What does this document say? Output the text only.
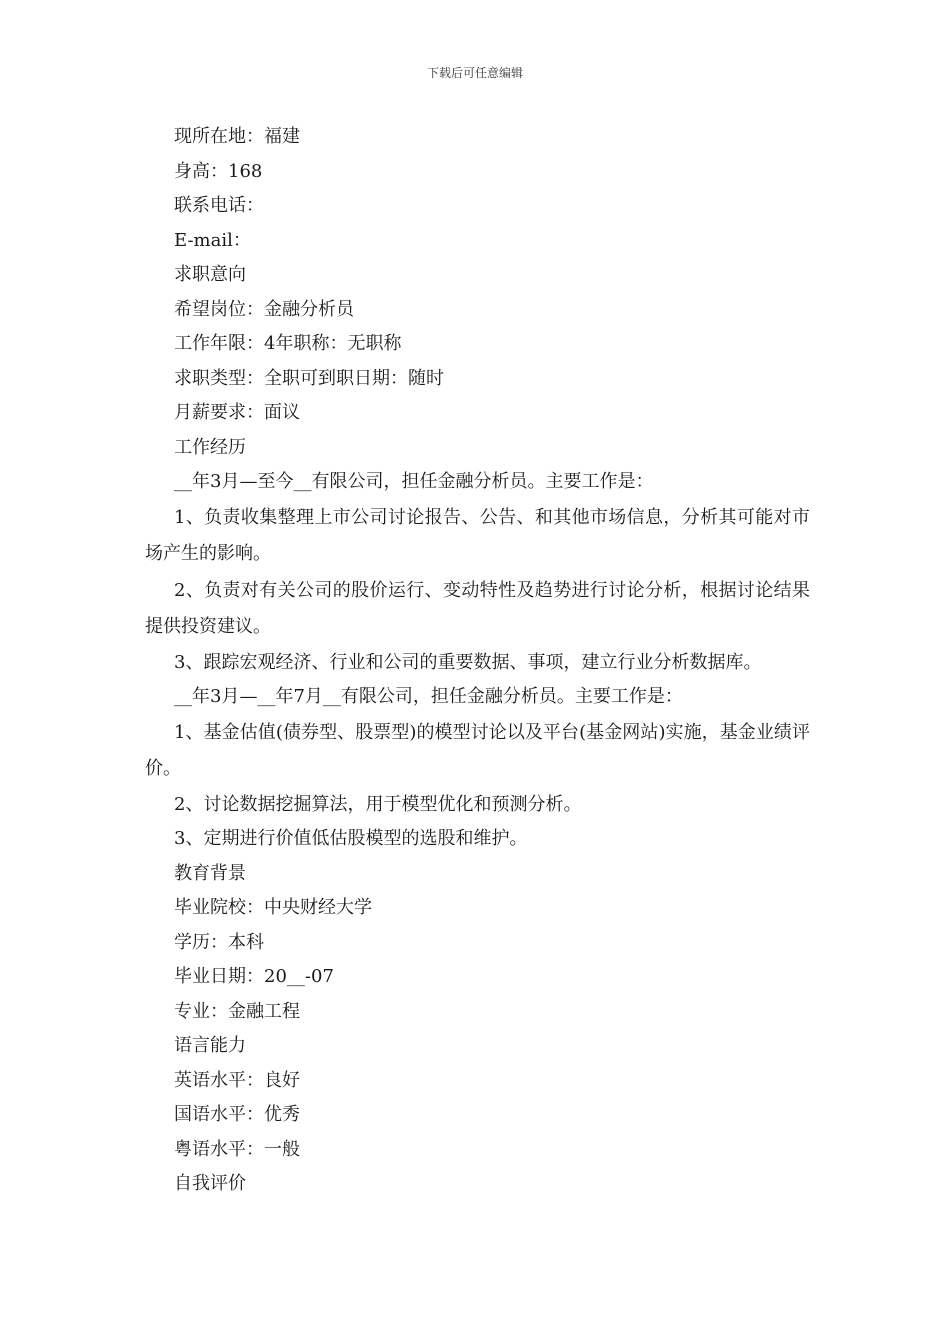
下载后可任意编辑

现所在地：福建

身高：168

联系电话：

E-mail：

求职意向

希望岗位：金融分析员

工作年限：4年职称：无职称

求职类型：全职可到职日期：随时

月薪要求：面议

工作经历

__年3月—至今__有限公司，担任金融分析员。主要工作是：

1、负责收集整理上市公司讨论报告、公告、和其他市场信息，分析其可能对市场产生的影响。

2、负责对有关公司的股价运行、变动特性及趋势进行讨论分析，根据讨论结果提供投资建议。

3、跟踪宏观经济、行业和公司的重要数据、事项，建立行业分析数据库。

__年3月—__年7月__有限公司，担任金融分析员。主要工作是：

1、基金估值(债券型、股票型)的模型讨论以及平台(基金网站)实施，基金业绩评价。

2、讨论数据挖掘算法，用于模型优化和预测分析。

3、定期进行价值低估股模型的选股和维护。

教育背景

毕业院校：中央财经大学

学历：本科

毕业日期：20__-07

专业：金融工程

语言能力

英语水平：良好

国语水平：优秀

粤语水平：一般

自我评价
